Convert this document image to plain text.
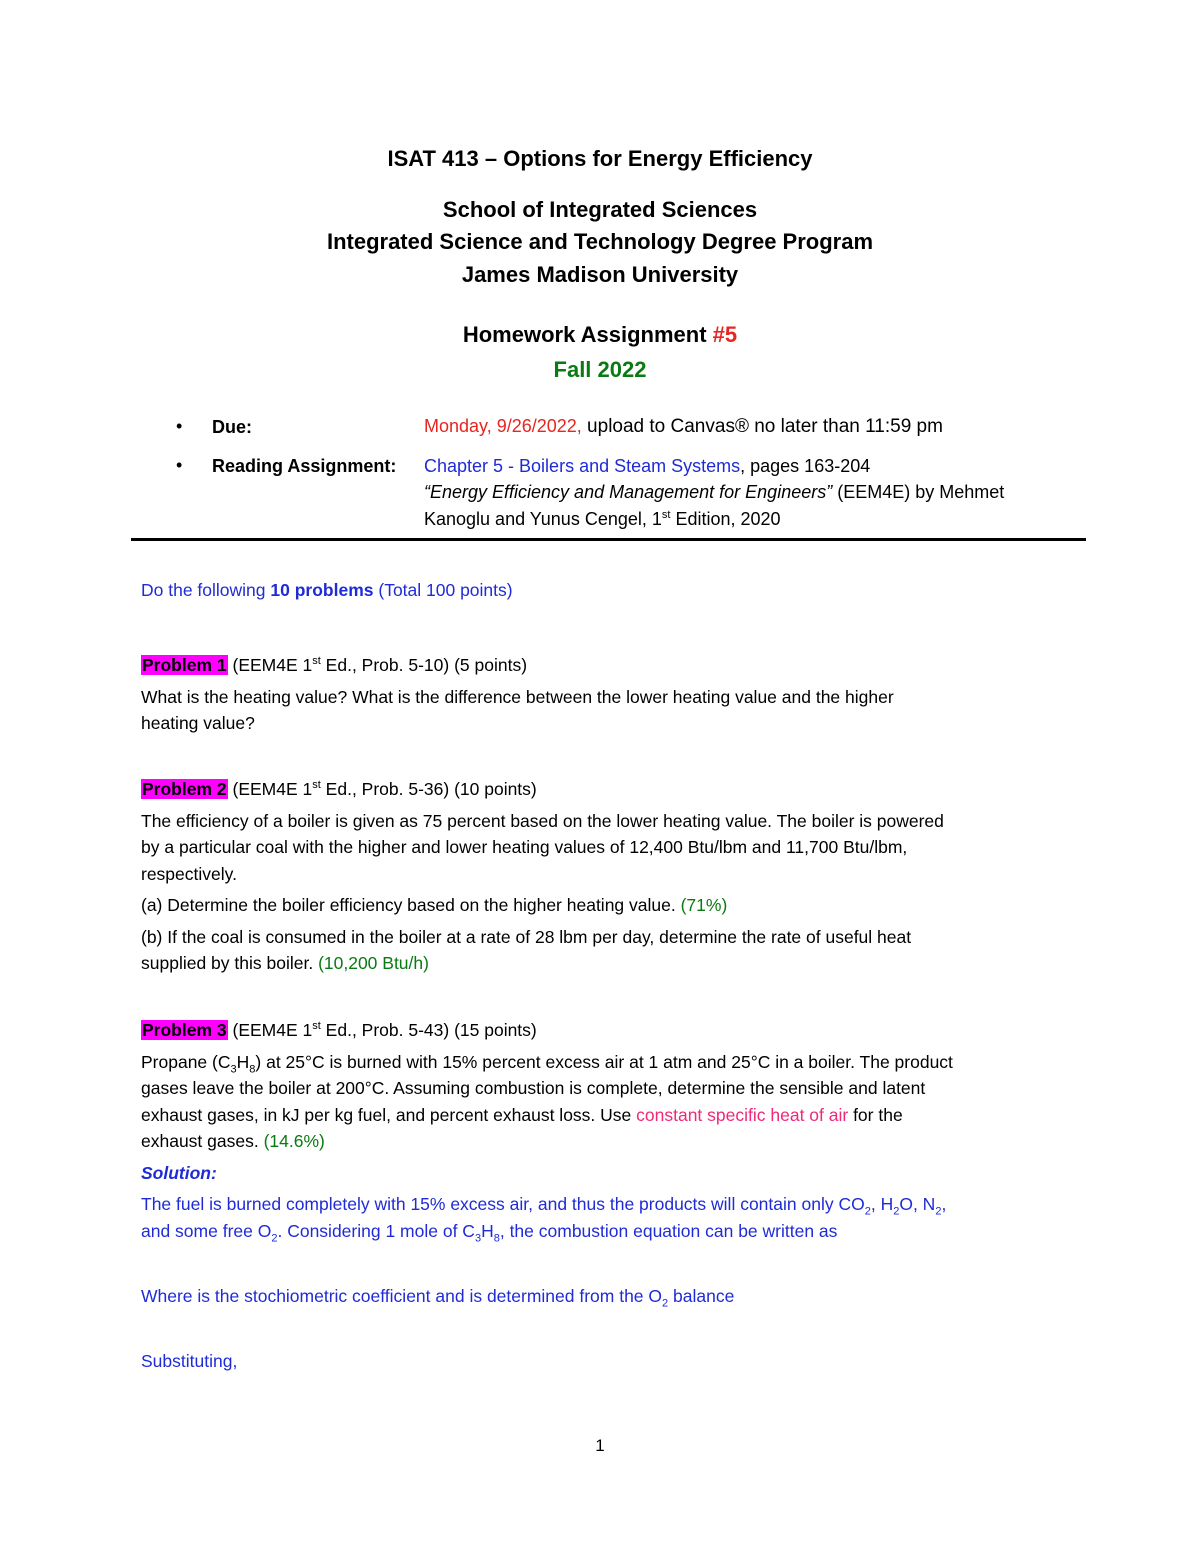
ISAT 413 – Options for Energy Efficiency
School of Integrated Sciences
Integrated Science and Technology Degree Program
James Madison University
Homework Assignment #5
Fall 2022
• Due:	Monday, 9/26/2022, upload to Canvas® no later than 11:59 pm
• Reading Assignment: Chapter 5 - Boilers and Steam Systems, pages 163-204
“Energy Efficiency and Management for Engineers” (EEM4E) by Mehmet
Kanoglu and Yunus Cengel, 1st Edition, 2020
Do the following 10 problems (Total 100 points)
Problem 1 (EEM4E 1st Ed., Prob. 5-10) (5 points)
What is the heating value? What is the difference between the lower heating value and the higher
heating value?
Problem 2 (EEM4E 1st Ed., Prob. 5-36) (10 points)
The efficiency of a boiler is given as 75 percent based on the lower heating value. The boiler is powered
by a particular coal with the higher and lower heating values of 12,400 Btu/lbm and 11,700 Btu/lbm,
respectively.
(a) Determine the boiler efficiency based on the higher heating value. (71%)
(b) If the coal is consumed in the boiler at a rate of 28 lbm per day, determine the rate of useful heat
supplied by this boiler. (10,200 Btu/h)
Problem 3 (EEM4E 1st Ed., Prob. 5-43) (15 points)
Propane $(C_3H_8)$ at 25°C is burned with 15% percent excess air at 1 atm and 25°C in a boiler. The product
gases leave the boiler at 200°C. Assuming combustion is complete, determine the sensible and latent
exhaust gases, in kJ per kg fuel, and percent exhaust loss. Use constant specific heat of air for the
exhaust gases. (14.6%)
Solution:
The fuel is burned completely with 15% excess air, and thus the products will contain only $CO_2$, $H_2O$, $N_2$,
and some free $O_2$. Considering 1 mole of $C_3H_8$, the combustion equation can be written as
Where is the stochiometric coefficient and is determined from the $O_2$ balance
Substituting,
1
